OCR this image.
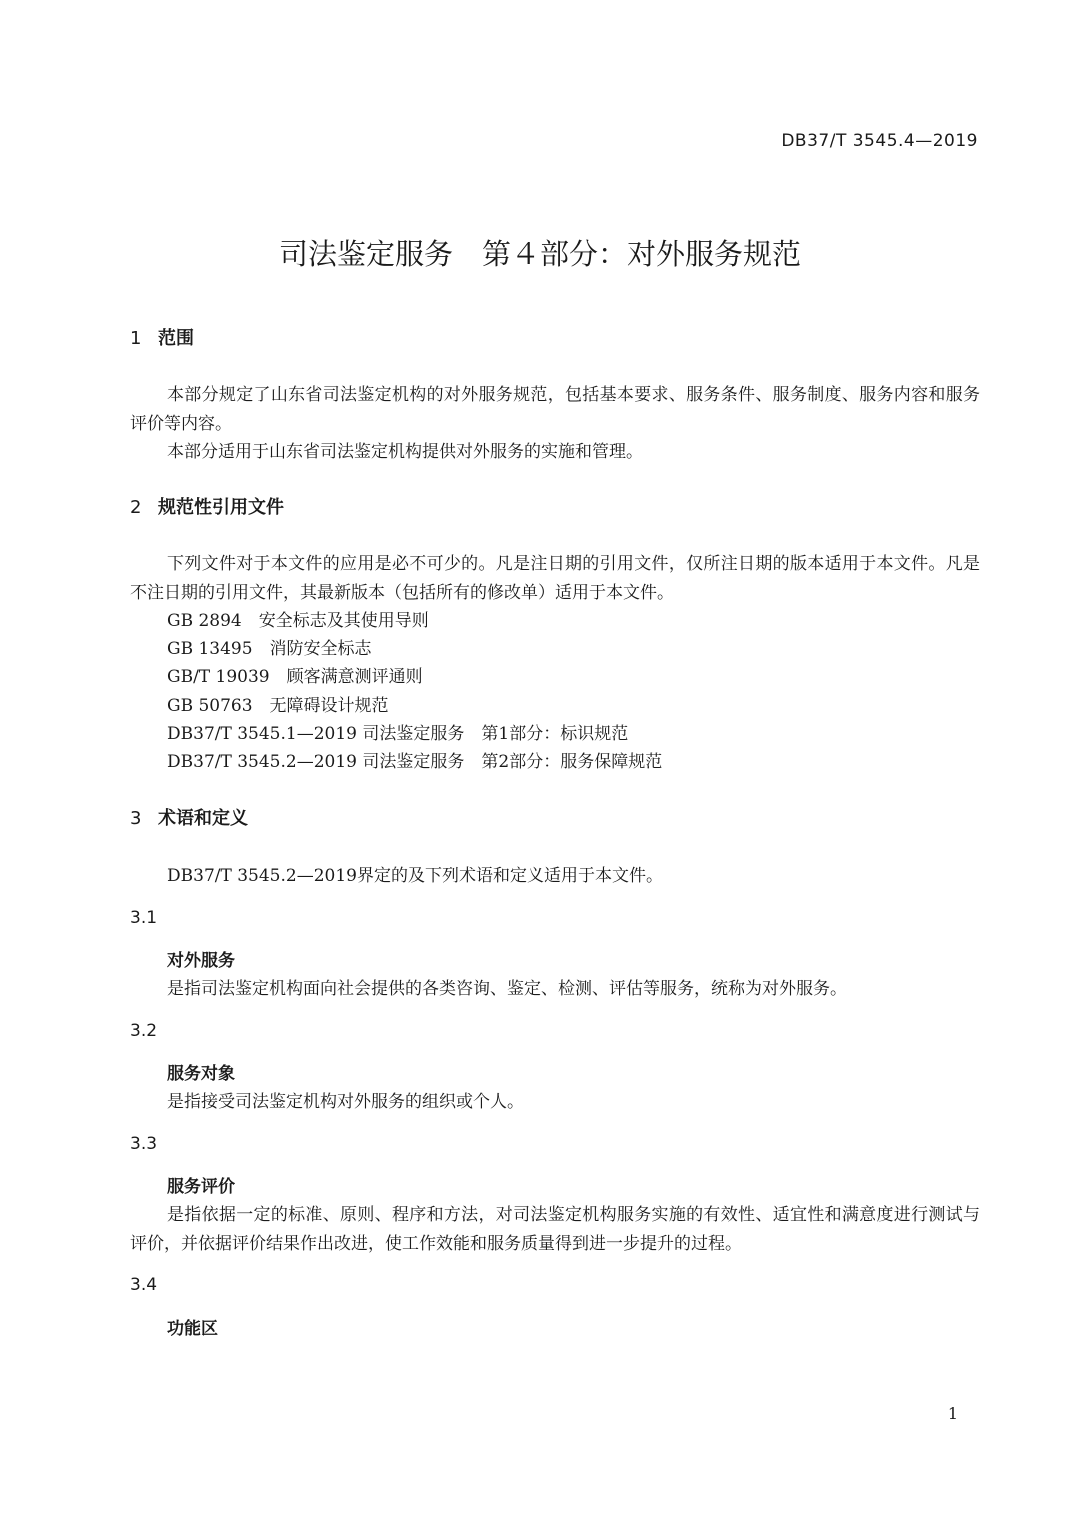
DB37/T 3545.4—2019
司法鉴定服务　第４部分：对外服务规范
1 范围

本部分规定了山东省司法鉴定机构的对外服务规范，包括基本要求、服务条件、服务制度、服务内容和服务评价等内容。

本部分适用于山东省司法鉴定机构提供对外服务的实施和管理。

2 规范性引用文件

下列文件对于本文件的应用是必不可少的。凡是注日期的引用文件，仅所注日期的版本适用于本文件。凡是不注日期的引用文件，其最新版本（包括所有的修改单）适用于本文件。

GB 2894　安全标志及其使用导则
GB 13495　消防安全标志
GB/T 19039　顾客满意测评通则
GB 50763　无障碍设计规范
DB37/T 3545.1—2019 司法鉴定服务　第1部分：标识规范
DB37/T 3545.2—2019 司法鉴定服务　第2部分：服务保障规范
3 术语和定义

DB37/T 3545.2—2019界定的及下列术语和定义适用于本文件。

3.1
对外服务

是指司法鉴定机构面向社会提供的各类咨询、鉴定、检测、评估等服务，统称为对外服务。

3.2
服务对象

是指接受司法鉴定机构对外服务的组织或个人。

3.3
服务评价

是指依据一定的标准、原则、程序和方法，对司法鉴定机构服务实施的有效性、适宜性和满意度进行测试与评价，并依据评价结果作出改进，使工作效能和服务质量得到进一步提升的过程。

3.4
功能区
1
